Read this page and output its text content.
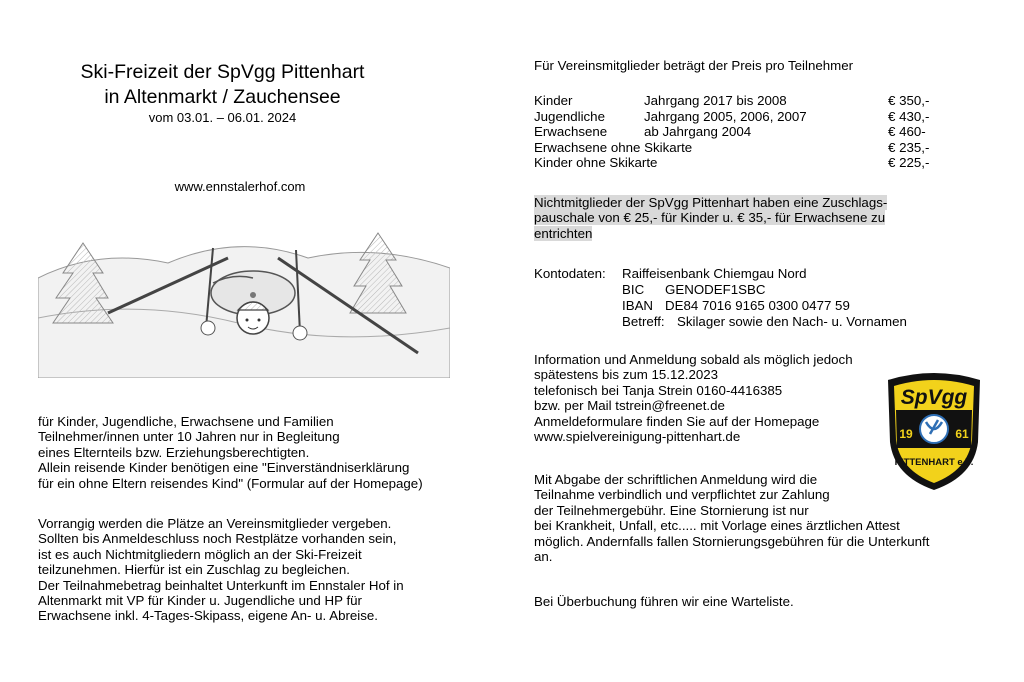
Ski-Freizeit der SpVgg Pittenhart
in Altenmarkt / Zauchensee
vom 03.01. – 06.01. 2024
www.ennstalerhof.com
für Kinder, Jugendliche, Erwachsene und Familien
Teilnehmer/innen unter 10 Jahren nur in Begleitung
eines Elternteils bzw. Erziehungsberechtigten.
Allein reisende Kinder benötigen eine "Einverständniserklärung
für ein ohne Eltern reisendes Kind" (Formular auf der Homepage)
Vorrangig werden die Plätze an Vereinsmitglieder vergeben.
Sollten bis Anmeldeschluss noch Restplätze vorhanden sein,
ist es auch Nichtmitgliedern möglich an der Ski-Freizeit
teilzunehmen. Hierfür ist ein Zuschlag zu begleichen.
Der Teilnahmebetrag beinhaltet Unterkunft im Ennstaler Hof in
Altenmarkt mit VP für Kinder u. Jugendliche und HP für
Erwachsene inkl. 4-Tages-Skipass, eigene An- u. Abreise.
Für Vereinsmitglieder beträgt der Preis pro Teilnehmer
Kinder	Jahrgang 2017 bis 2008	€ 350,-
Jugendliche	Jahrgang 2005, 2006, 2007	€ 430,-
Erwachsene	ab Jahrgang 2004	€ 460-
Erwachsene ohne Skikarte	€ 235,-
Kinder ohne Skikarte	€ 225,-
Nichtmitglieder der SpVgg Pittenhart haben eine Zuschlags-
pauschale von € 25,- für Kinder u. € 35,- für Erwachsene zu
entrichten
Kontodaten: Raiffeisenbank Chiemgau Nord
BIC GENODEF1SBC
IBAN DE84 7016 9165 0300 0477 59
Betreff: Skilager sowie den Nach- u. Vornamen
Information und Anmeldung sobald als möglich jedoch
spätestens bis zum 15.12.2023
telefonisch bei Tanja Strein 0160-4416385
bzw. per Mail tstrein@freenet.de
Anmeldeformulare finden Sie auf der Homepage
www.spielvereinigung-pittenhart.de
Mit Abgabe der schriftlichen Anmeldung wird die
Teilnahme verbindlich und verpflichtet zur Zahlung
der Teilnehmergebühr. Eine Stornierung ist nur
bei Krankheit, Unfall, etc..... mit Vorlage eines ärztlichen Attest
möglich. Andernfalls fallen Stornierungsgebühren für die Unterkunft
an.
Bei Überbuchung führen wir eine Warteliste.
SpVgg
19	61
PITTENHART e.V.
